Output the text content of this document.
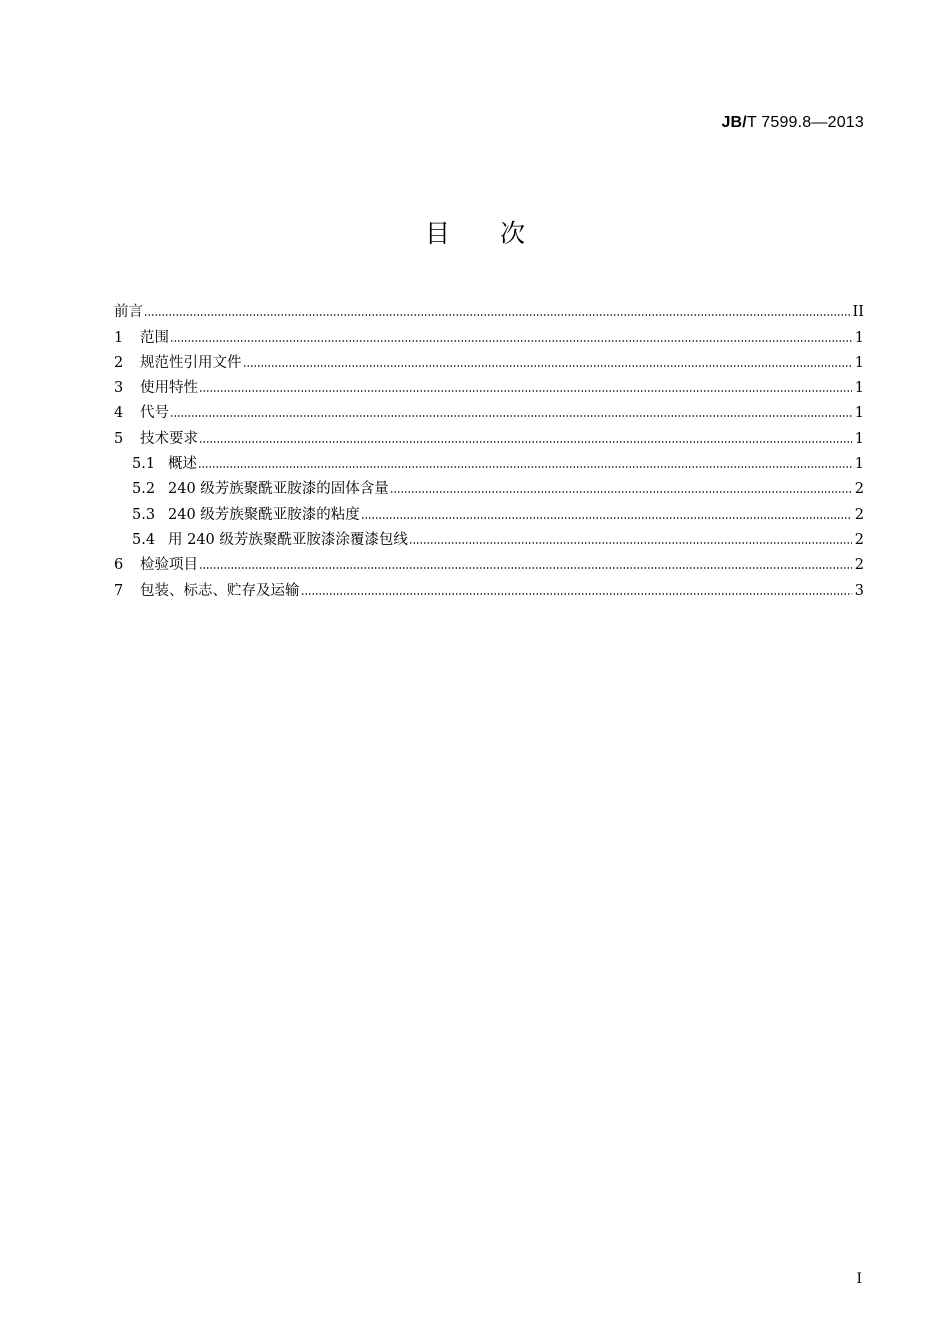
JB/T 7599.8—2013
目次
前言	II
1 范围	1
2 规范性引用文件	1
3 使用特性	1
4 代号	1
5 技术要求	1
5.1 概述	1
5.2 240 级芳族聚酰亚胺漆的固体含量	2
5.3 240 级芳族聚酰亚胺漆的粘度	2
5.4 用 240 级芳族聚酰亚胺漆涂覆漆包线	2
6 检验项目	2
7 包装、标志、贮存及运输	3
I
